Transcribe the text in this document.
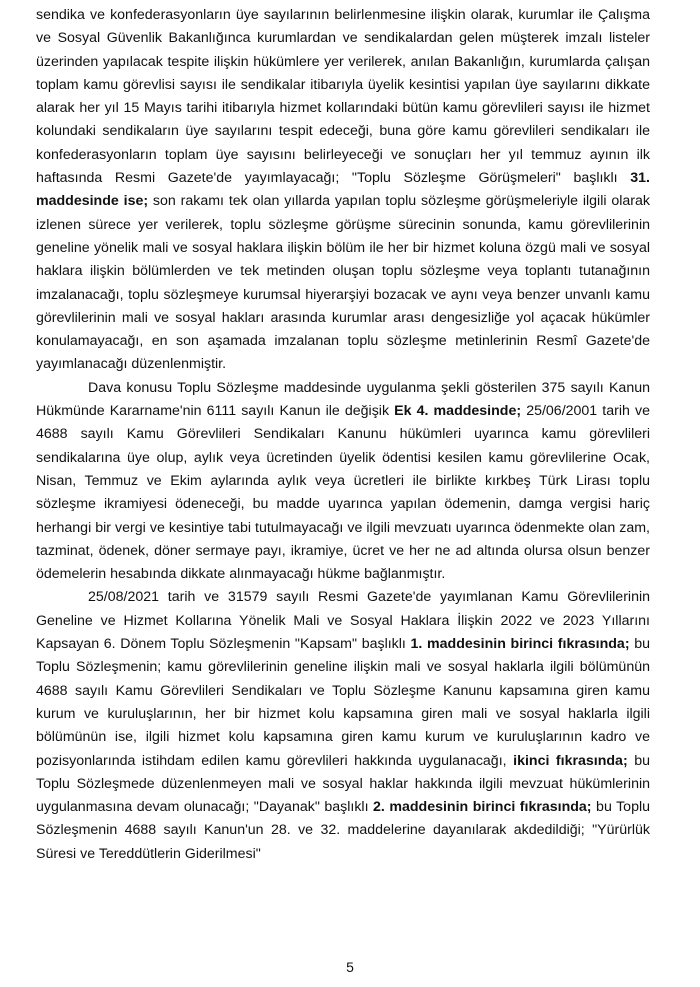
sendika ve konfederasyonların üye sayılarının belirlenmesine ilişkin olarak, kurumlar ile Çalışma ve Sosyal Güvenlik Bakanlığınca kurumlardan ve sendikalardan gelen müşterek imzalı listeler üzerinden yapılacak tespite ilişkin hükümlere yer verilerek, anılan Bakanlığın, kurumlarda çalışan toplam kamu görevlisi sayısı ile sendikalar itibarıyla üyelik kesintisi yapılan üye sayılarını dikkate alarak her yıl 15 Mayıs tarihi itibarıyla hizmet kollarındaki bütün kamu görevlileri sayısı ile hizmet kolundaki sendikaların üye sayılarını tespit edeceği, buna göre kamu görevlileri sendikaları ile konfederasyonların toplam üye sayısını belirleyeceği ve sonuçları her yıl temmuz ayının ilk haftasında Resmi Gazete'de yayımlayacağı; "Toplu Sözleşme Görüşmeleri" başlıklı 31. maddesinde ise; son rakamı tek olan yıllarda yapılan toplu sözleşme görüşmeleriyle ilgili olarak izlenen sürece yer verilerek, toplu sözleşme görüşme sürecinin sonunda, kamu görevlilerinin geneline yönelik mali ve sosyal haklara ilişkin bölüm ile her bir hizmet koluna özgü mali ve sosyal haklara ilişkin bölümlerden ve tek metinden oluşan toplu sözleşme veya toplantı tutanağının imzalanacağı, toplu sözleşmeye kurumsal hiyerarşiyi bozacak ve aynı veya benzer unvanlı kamu görevlilerinin mali ve sosyal hakları arasında kurumlar arası dengesizliğe yol açacak hükümler konulamayacağı, en son aşamada imzalanan toplu sözleşme metinlerinin Resmî Gazete'de yayımlanacağı düzenlenmiştir.

Dava konusu Toplu Sözleşme maddesinde uygulanma şekli gösterilen 375 sayılı Kanun Hükmünde Kararname'nin 6111 sayılı Kanun ile değişik Ek 4. maddesinde; 25/06/2001 tarih ve 4688 sayılı Kamu Görevlileri Sendikaları Kanunu hükümleri uyarınca kamu görevlileri sendikalarına üye olup, aylık veya ücretinden üyelik ödentisi kesilen kamu görevlilerine Ocak, Nisan, Temmuz ve Ekim aylarında aylık veya ücretleri ile birlikte kırkbeş Türk Lirası toplu sözleşme ikramiyesi ödeneceği, bu madde uyarınca yapılan ödemenin, damga vergisi hariç herhangi bir vergi ve kesintiye tabi tutulmayacağı ve ilgili mevzuatı uyarınca ödenmekte olan zam, tazminat, ödenek, döner sermaye payı, ikramiye, ücret ve her ne ad altında olursa olsun benzer ödemelerin hesabında dikkate alınmayacağı hükme bağlanmıştır.

25/08/2021 tarih ve 31579 sayılı Resmi Gazete'de yayımlanan Kamu Görevlilerinin Geneline ve Hizmet Kollarına Yönelik Mali ve Sosyal Haklara İlişkin 2022 ve 2023 Yıllarını Kapsayan 6. Dönem Toplu Sözleşmenin "Kapsam" başlıklı 1. maddesinin birinci fıkrasında; bu Toplu Sözleşmenin; kamu görevlilerinin geneline ilişkin mali ve sosyal haklarla ilgili bölümünün 4688 sayılı Kamu Görevlileri Sendikaları ve Toplu Sözleşme Kanunu kapsamına giren kamu kurum ve kuruluşlarının, her bir hizmet kolu kapsamına giren mali ve sosyal haklarla ilgili bölümünün ise, ilgili hizmet kolu kapsamına giren kamu kurum ve kuruluşlarının kadro ve pozisyonlarında istihdam edilen kamu görevlileri hakkında uygulanacağı, ikinci fıkrasında; bu Toplu Sözleşmede düzenlenmeyen mali ve sosyal haklar hakkında ilgili mevzuat hükümlerinin uygulanmasına devam olunacağı; "Dayanak" başlıklı 2. maddesinin birinci fıkrasında; bu Toplu Sözleşmenin 4688 sayılı Kanun'un 28. ve 32. maddelerine dayanılarak akdedildiği; "Yürürlük Süresi ve Tereddütlerin Giderilmesi"

5
